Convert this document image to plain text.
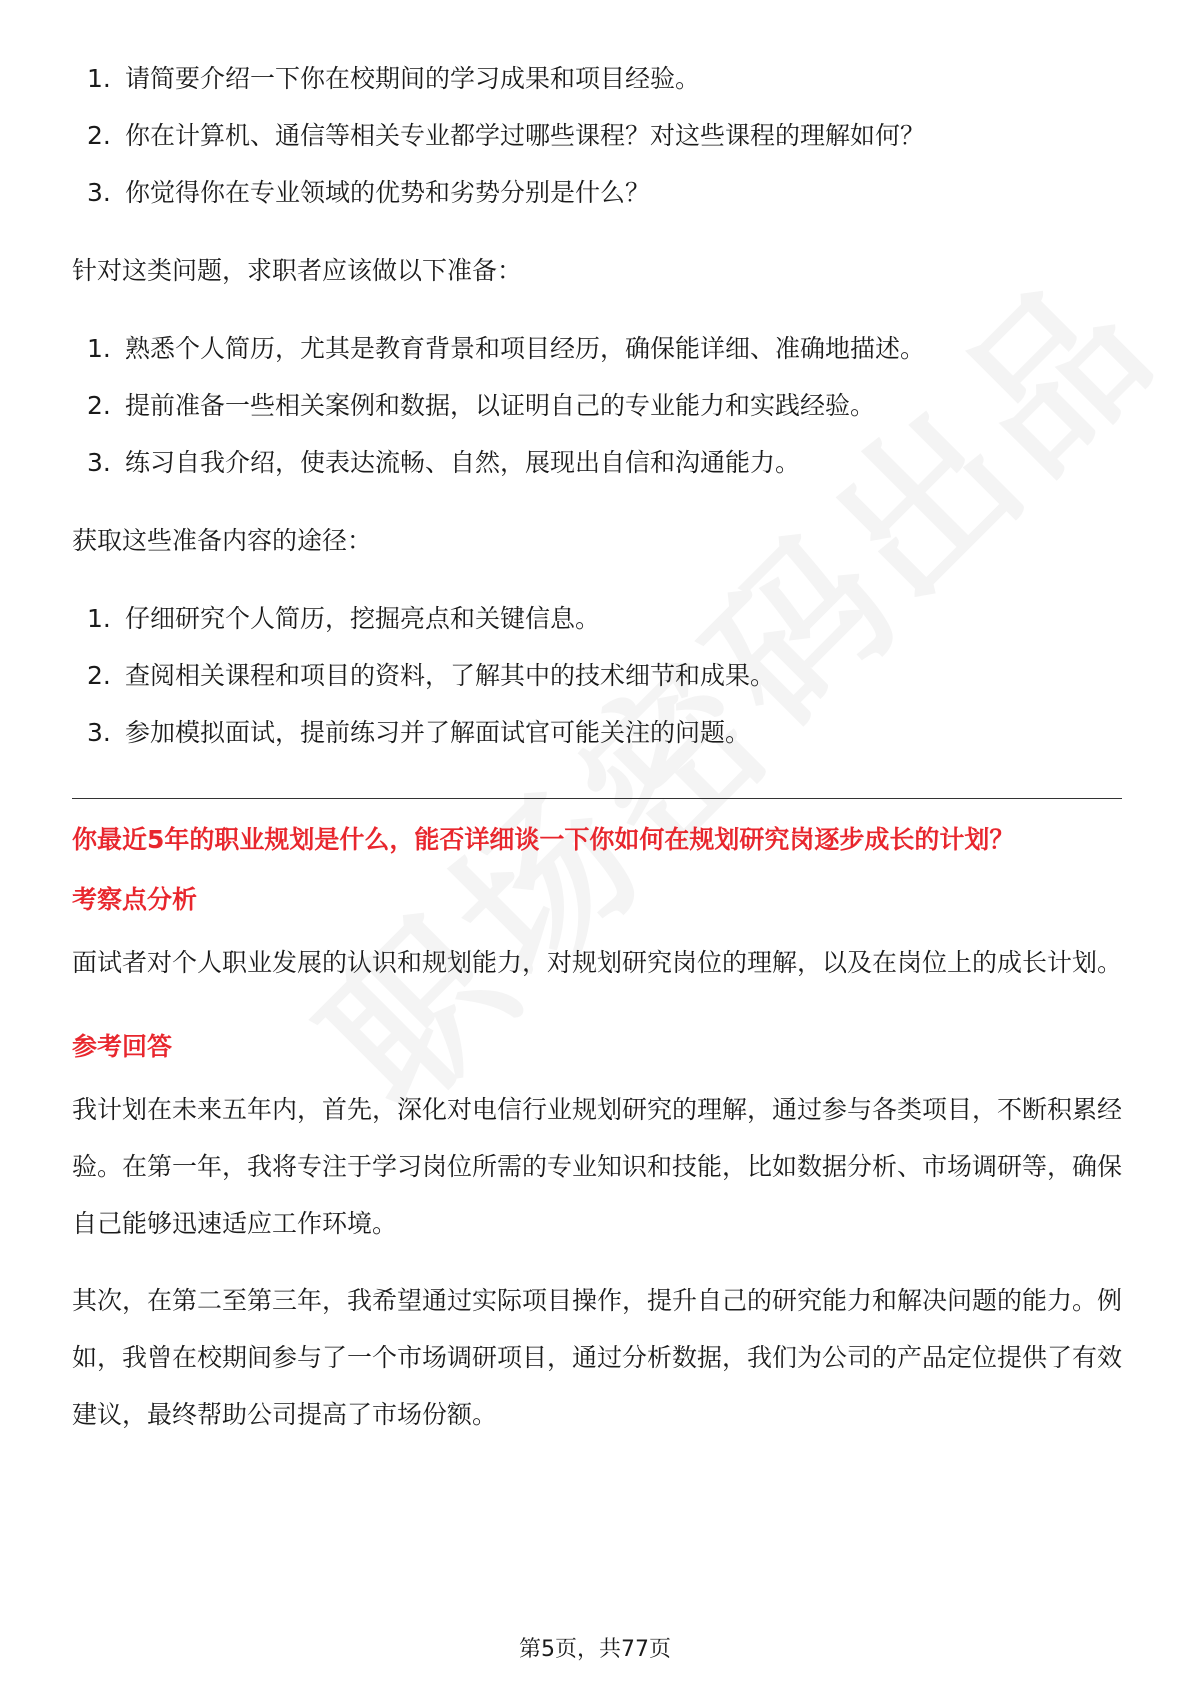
1. 请简要介绍一下你在校期间的学习成果和项目经验。
2. 你在计算机、通信等相关专业都学过哪些课程？对这些课程的理解如何？
3. 你觉得你在专业领域的优势和劣势分别是什么？
针对这类问题，求职者应该做以下准备：
1. 熟悉个人简历，尤其是教育背景和项目经历，确保能详细、准确地描述。
2. 提前准备一些相关案例和数据，以证明自己的专业能力和实践经验。
3. 练习自我介绍，使表达流畅、自然，展现出自信和沟通能力。
获取这些准备内容的途径：
1. 仔细研究个人简历，挖掘亮点和关键信息。
2. 查阅相关课程和项目的资料，了解其中的技术细节和成果。
3. 参加模拟面试，提前练习并了解面试官可能关注的问题。
你最近5年的职业规划是什么，能否详细谈一下你如何在规划研究岗逐步成长的计划？
考察点分析
面试者对个人职业发展的认识和规划能力，对规划研究岗位的理解，以及在岗位上的成长计划。
参考回答
我计划在未来五年内，首先，深化对电信行业规划研究的理解，通过参与各类项目，不断积累经验。在第一年，我将专注于学习岗位所需的专业知识和技能，比如数据分析、市场调研等，确保自己能够迅速适应工作环境。
其次，在第二至第三年，我希望通过实际项目操作，提升自己的研究能力和解决问题的能力。例如，我曾在校期间参与了一个市场调研项目，通过分析数据，我们为公司的产品定位提供了有效建议，最终帮助公司提高了市场份额。
第5页，共77页
